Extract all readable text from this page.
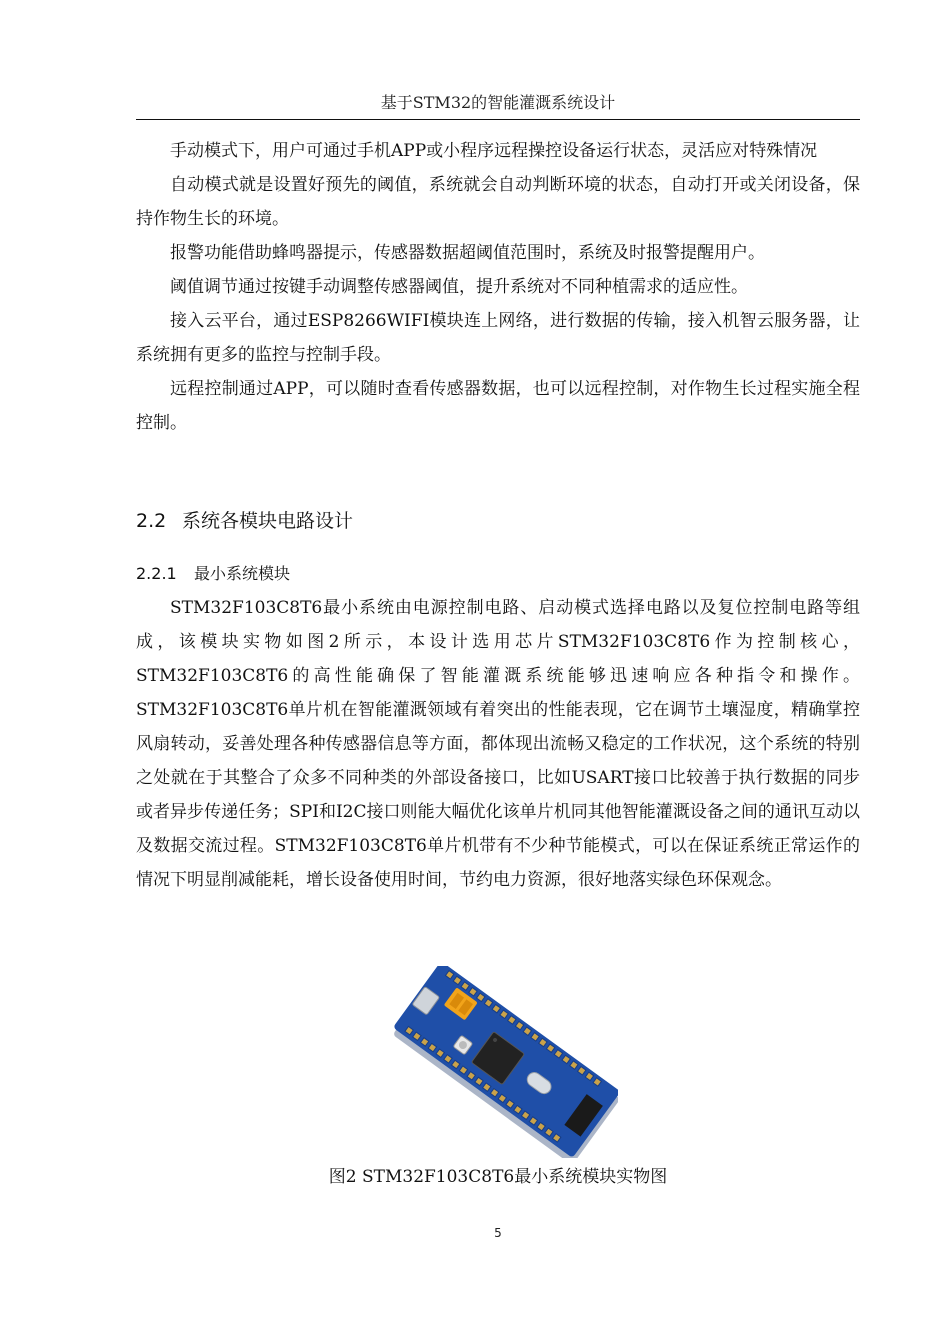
基于STM32的智能灌溉系统设计

手动模式下，用户可通过手机APP或小程序远程操控设备运行状态，灵活应对特殊情况

自动模式就是设置好预先的阈值，系统就会自动判断环境的状态，自动打开或关闭设备，保持作物生长的环境。

报警功能借助蜂鸣器提示，传感器数据超阈值范围时，系统及时报警提醒用户。

阈值调节通过按键手动调整传感器阈值，提升系统对不同种植需求的适应性。

接入云平台，通过ESP8266WIFI模块连上网络，进行数据的传输，接入机智云服务器，让系统拥有更多的监控与控制手段。

远程控制通过APP，可以随时查看传感器数据，也可以远程控制，对作物生长过程实施全程控制。

2.2 系统各模块电路设计
2.2.1 最小系统模块

STM32F103C8T6最小系统由电源控制电路、启动模式选择电路以及复位控制电路等组成，该模块实物如图2所示，本设计选用芯片STM32F103C8T6作为控制核心，STM32F103C8T6的高性能确保了智能灌溉系统能够迅速响应各种指令和操作。STM32F103C8T6单片机在智能灌溉领域有着突出的性能表现，它在调节土壤湿度，精确掌控风扇转动，妥善处理各种传感器信息等方面，都体现出流畅又稳定的工作状况，这个系统的特别之处就在于其整合了众多不同种类的外部设备接口，比如USART接口比较善于执行数据的同步或者异步传递任务；SPI和I2C接口则能大幅优化该单片机同其他智能灌溉设备之间的通讯互动以及数据交流过程。STM32F103C8T6单片机带有不少种节能模式，可以在保证系统正常运作的情况下明显削减能耗，增长设备使用时间，节约电力资源，很好地落实绿色环保观念。

图2 STM32F103C8T6最小系统模块实物图
5
